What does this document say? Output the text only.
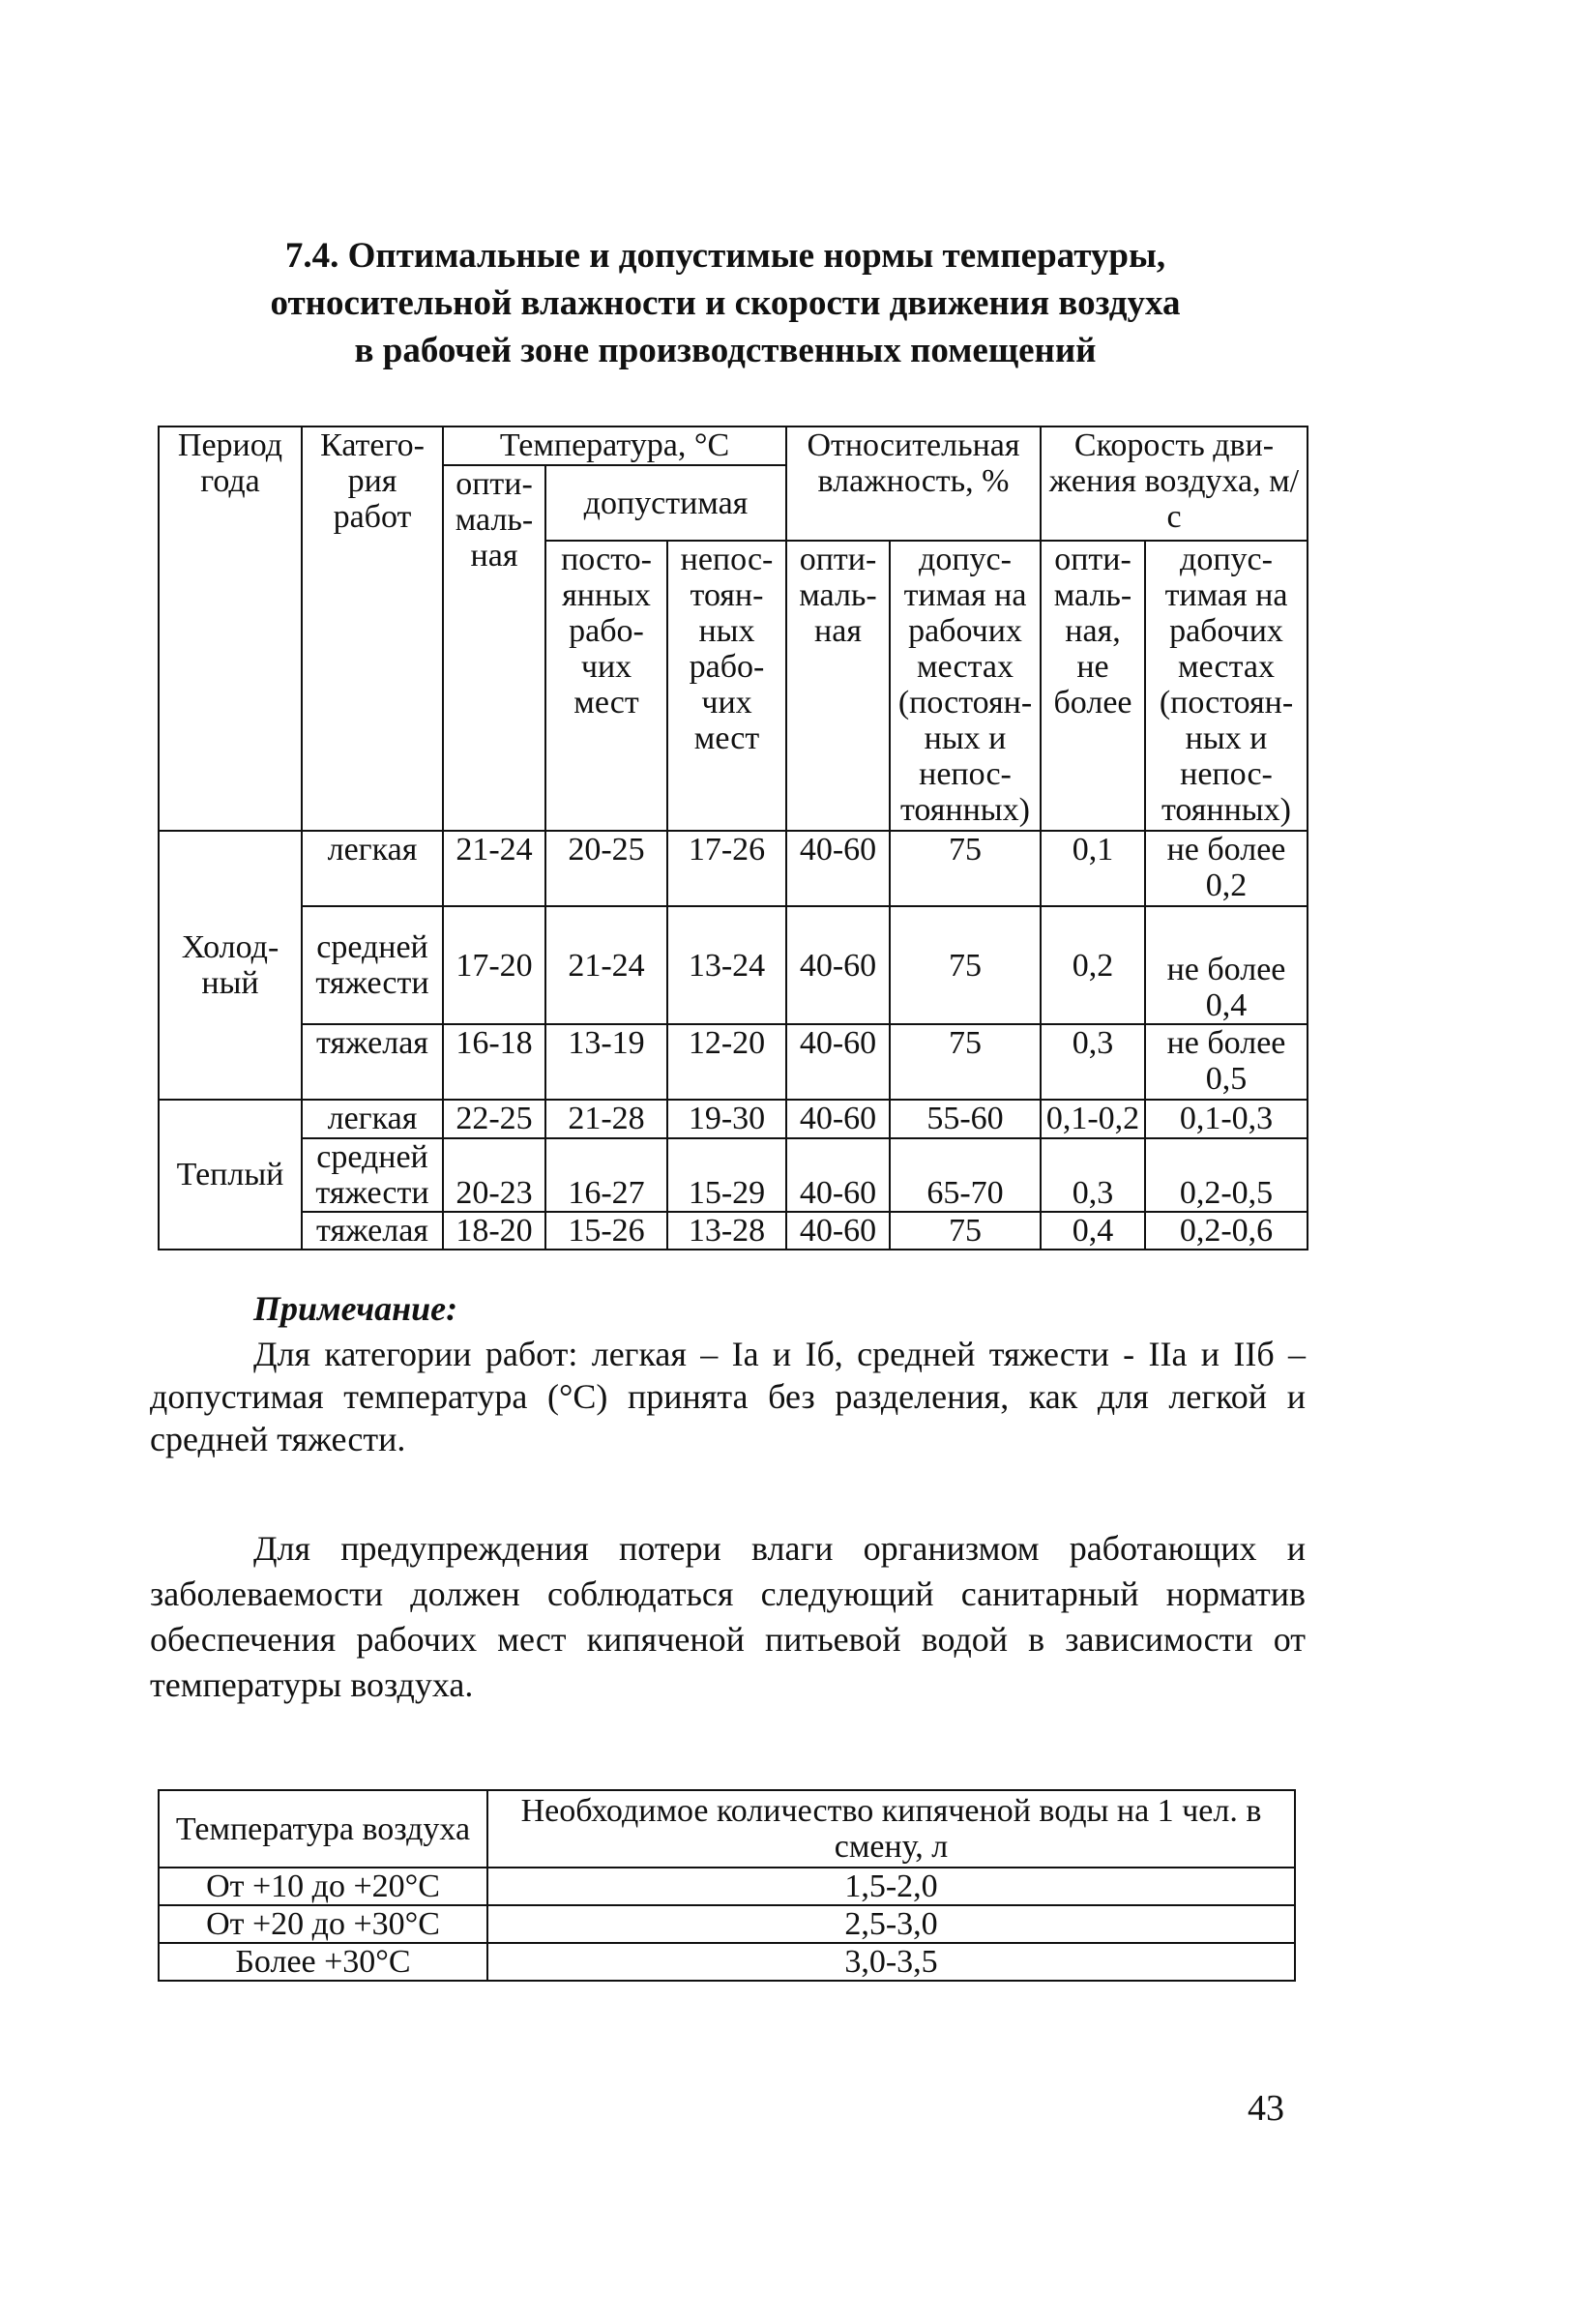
7.4. Оптимальные и допустимые нормы температуры,
относительной влажности и скорости движения воздуха
в рабочей зоне производственных помещений
Период года	Катего-рия работ	Температура, °С			Относительная влажность, %		Скорость дви-жения воздуха, м/с	
		опти-маль-ная	допустимая					
			посто-янных рабо-чих мест	непос-тоян-ных рабо-чих мест	опти-маль-ная	допус-тимая на рабочих местах (постоян-ных и непос-тоянных)	опти-маль-ная, не более	допус-тимая на рабочих местах (постоян-ных и непос-тоянных)
Холод-ный	легкая	21-24	20-25	17-26	40-60	75	0,1	не более 0,2
	средней тяжести	17-20	21-24	13-24	40-60	75	0,2	не более 0,4
	тяжелая	16-18	13-19	12-20	40-60	75	0,3	не более 0,5
Теплый	легкая	22-25	21-28	19-30	40-60	55-60	0,1-0,2	0,1-0,3
	средней тяжести	20-23	16-27	15-29	40-60	65-70	0,3	0,2-0,5
	тяжелая	18-20	15-26	13-28	40-60	75	0,4	0,2-0,6
Примечание:
Для категории работ: легкая – Iа и Iб, средней тяжести - IIа и IIб – допустимая температура (°С) принята без разделения, как для легкой и средней тяжести.
Для предупреждения потери влаги организмом работающих и заболеваемости должен соблюдаться следующий санитарный норматив обеспечения рабочих мест кипяченой питьевой водой в зависимости от температуры воздуха.
Температура воздуха	Необходимое количество кипяченой воды на 1 чел. в смену, л
От +10 до +20°С	1,5-2,0
От +20 до +30°С	2,5-3,0
Более +30°С	3,0-3,5
43
